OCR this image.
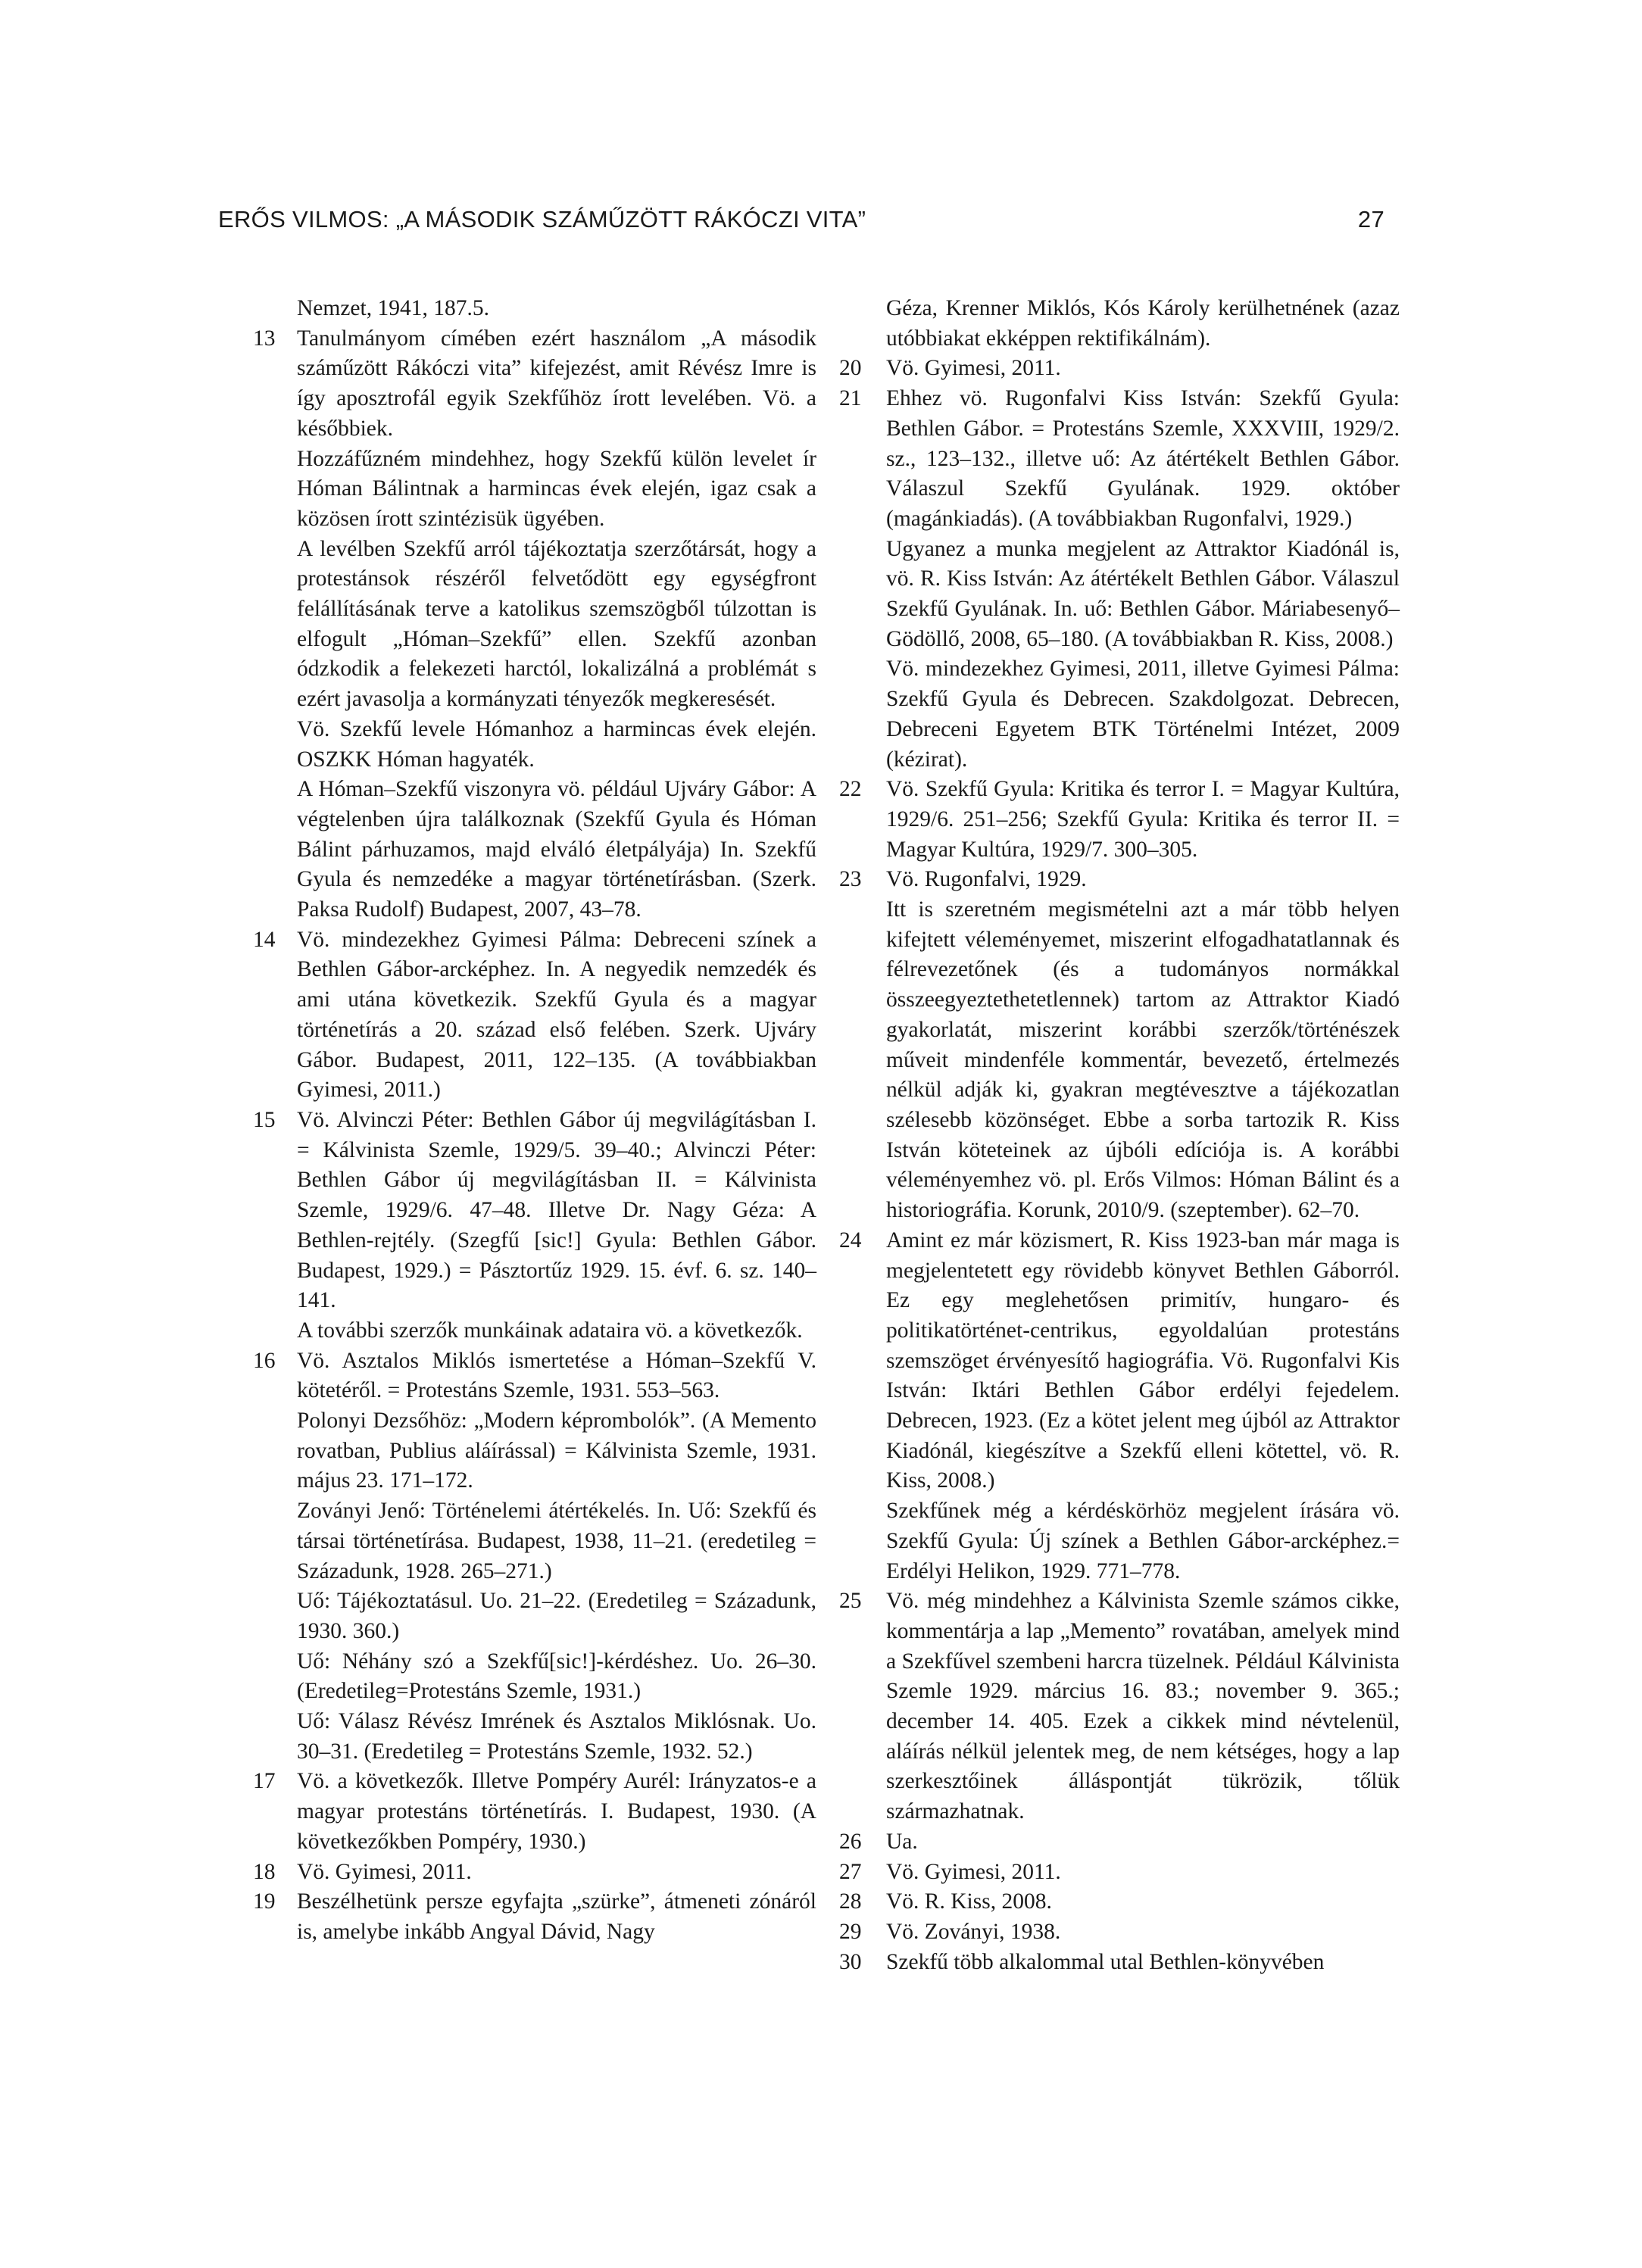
ERŐS VILMOS: „A MÁSODIK SZÁMŰZÖTT RÁKÓCZI VITA”	27
Nemzet, 1941, 187.5.
13 Tanulmányom címében ezért használom „A második száműzött Rákóczi vita” kifejezést, amit Révész Imre is így aposztrofál egyik Szekfűhöz írott levelében. Vö. a későbbiek.
Hozzáfűzném mindehhez, hogy Szekfű külön levelet ír Hóman Bálintnak a harmincas évek elején, igaz csak a közösen írott szintézisük ügyében.
A levélben Szekfű arról tájékoztatja szerzőtársát, hogy a protestánsok részéről felvetődött egy egységfront felállításának terve a katolikus szemszögből túlzottan is elfogult „Hóman–Szekfű” ellen. Szekfű azonban ódzkodik a felekezeti harctól, lokalizálná a problémát s ezért javasolja a kormányzati tényezők megkeresését.
Vö. Szekfű levele Hómanhoz a harmincas évek elején. OSZKK Hóman hagyaték.
A Hóman–Szekfű viszonyra vö. például Ujváry Gábor: A végtelenben újra találkoznak (Szekfű Gyula és Hóman Bálint párhuzamos, majd elváló életpályája) In. Szekfű Gyula és nemzedéke a magyar történetírásban. (Szerk. Paksa Rudolf) Budapest, 2007, 43–78.
14 Vö. mindezekhez Gyimesi Pálma: Debreceni színek a Bethlen Gábor-arcképhez. In. A negyedik nemzedék és ami utána következik. Szekfű Gyula és a magyar történetírás a 20. század első felében. Szerk. Ujváry Gábor. Budapest, 2011, 122–135. (A továbbiakban Gyimesi, 2011.)
15 Vö. Alvinczi Péter: Bethlen Gábor új megvilágításban I. = Kálvinista Szemle, 1929/5. 39–40.; Alvinczi Péter: Bethlen Gábor új megvilágításban II. = Kálvinista Szemle, 1929/6. 47–48. Illetve Dr. Nagy Géza: A Bethlen-rejtély. (Szegfű [sic!] Gyula: Bethlen Gábor. Budapest, 1929.) = Pásztortűz 1929. 15. évf. 6. sz. 140–141.
A további szerzők munkáinak adataira vö. a következők.
16 Vö. Asztalos Miklós ismertetése a Hóman–Szekfű V. kötetéről. = Protestáns Szemle, 1931. 553–563.
Polonyi Dezsőhöz: „Modern képrombolók”. (A Memento rovatban, Publius aláírással) = Kálvinista Szemle, 1931. május 23. 171–172.
Zoványi Jenő: Történelemi átértékelés. In. Uő: Szekfű és társai történetírása. Budapest, 1938, 11–21. (eredetileg = Századunk, 1928. 265–271.)
Uő: Tájékoztatásul. Uo. 21–22. (Eredetileg = Századunk, 1930. 360.)
Uő: Néhány szó a Szekfű[sic!]-kérdéshez. Uo. 26–30. (Eredetileg=Protestáns Szemle, 1931.)
Uő: Válasz Révész Imrének és Asztalos Miklósnak. Uo. 30–31. (Eredetileg = Protestáns Szemle, 1932. 52.)
17 Vö. a következők. Illetve Pompéry Aurél: Irányzatos-e a magyar protestáns történetírás. I. Budapest, 1930. (A következőkben Pompéry, 1930.)
18 Vö. Gyimesi, 2011.
19 Beszélhetünk persze egyfajta „szürke”, átmeneti zónáról is, amelybe inkább Angyal Dávid, Nagy
Géza, Krenner Miklós, Kós Károly kerülhetnének (azaz utóbbiakat ekképpen rektifikálnám).
20	Vö. Gyimesi, 2011.
21	Ehhez vö. Rugonfalvi Kiss István: Szekfű Gyula: Bethlen Gábor. = Protestáns Szemle, XXXVIII, 1929/2. sz., 123–132., illetve uő: Az átértékelt Bethlen Gábor. Válaszul Szekfű Gyulának. 1929. október (magánkiadás). (A továbbiakban Rugonfalvi, 1929.)
Ugyanez a munka megjelent az Attraktor Kiadónál is, vö. R. Kiss István: Az átértékelt Bethlen Gábor. Válaszul Szekfű Gyulának. In. uő: Bethlen Gábor. Máriabesenyő–Gödöllő, 2008, 65–180. (A továbbiakban R. Kiss, 2008.)
Vö. mindezekhez Gyimesi, 2011, illetve Gyimesi Pálma: Szekfű Gyula és Debrecen. Szakdolgozat. Debrecen, Debreceni Egyetem BTK Történelmi Intézet, 2009 (kézirat).
22	Vö. Szekfű Gyula: Kritika és terror I. = Magyar Kultúra, 1929/6. 251–256; Szekfű Gyula: Kritika és terror II. = Magyar Kultúra, 1929/7. 300–305.
23	Vö. Rugonfalvi, 1929.
Itt is szeretném megismételni azt a már több helyen kifejtett véleményemet, miszerint elfogadhatatlannak és félrevezetőnek (és a tudományos normákkal összeegyeztethetetlennek) tartom az Attraktor Kiadó gyakorlatát, miszerint korábbi szerzők/történészek műveit mindenféle kommentár, bevezető, értelmezés nélkül adják ki, gyakran megtévesztve a tájékozatlan szélesebb közönséget. Ebbe a sorba tartozik R. Kiss István köteteinek az újbóli edíciója is. A korábbi véleményemhez vö. pl. Erős Vilmos: Hóman Bálint és a historiográfia. Korunk, 2010/9. (szeptember). 62–70.
24	Amint ez már közismert, R. Kiss 1923-ban már maga is megjelentetett egy rövidebb könyvet Bethlen Gáborról. Ez egy meglehetősen primitív, hungaro- és politikatörténet-centrikus, egyoldalúan protestáns szemszöget érvényesítő hagiográfia. Vö. Rugonfalvi Kis István: Iktári Bethlen Gábor erdélyi fejedelem. Debrecen, 1923. (Ez a kötet jelent meg újból az Attraktor Kiadónál, kiegészítve a Szekfű elleni kötettel, vö. R. Kiss, 2008.)
Szekfűnek még a kérdéskörhöz megjelent írására vö. Szekfű Gyula: Új színek a Bethlen Gábor-arcképhez.= Erdélyi Helikon, 1929. 771–778.
25	Vö. még mindehhez a Kálvinista Szemle számos cikke, kommentárja a lap „Memento” rovatában, amelyek mind a Szekfűvel szembeni harcra tüzelnek. Például Kálvinista Szemle 1929. március 16. 83.; november 9. 365.; december 14. 405. Ezek a cikkek mind névtelenül, aláírás nélkül jelentek meg, de nem kétséges, hogy a lap szerkesztőinek álláspontját tükrözik, tőlük származhatnak.
26	Ua.
27	Vö. Gyimesi, 2011.
28	Vö. R. Kiss, 2008.
29	Vö. Zoványi, 1938.
30	Szekfű több alkalommal utal Bethlen-könyvében
